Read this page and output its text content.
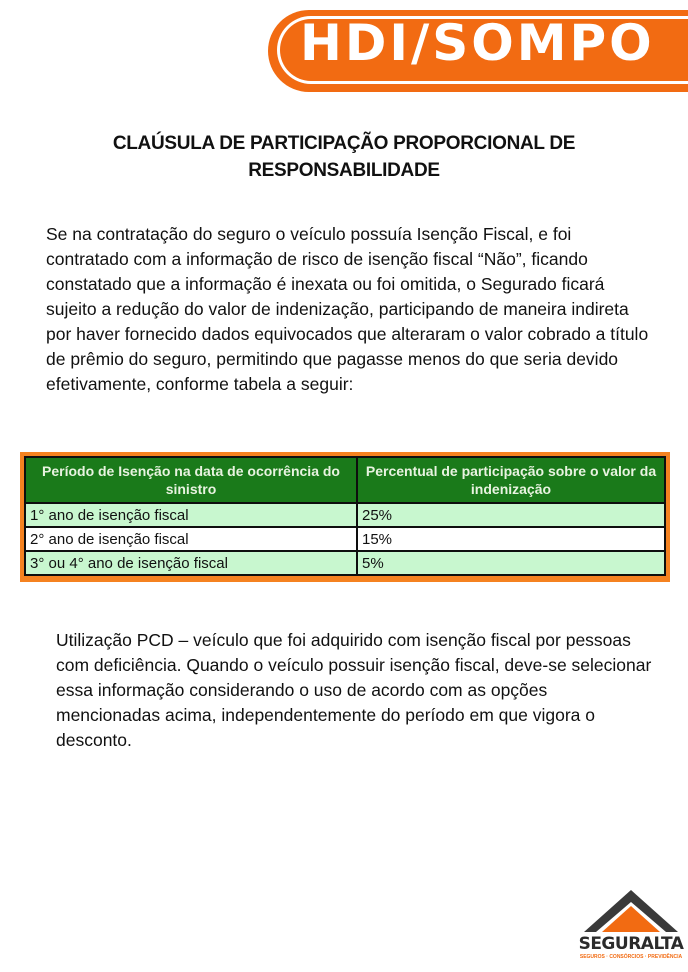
HDI/SOMPO
CLAÚSULA DE PARTICIPAÇÃO PROPORCIONAL DE
RESPONSABILIDADE
Se na contratação do seguro o veículo possuía Isenção Fiscal, e foi contratado com a informação de risco de isenção fiscal “Não”, ficando constatado que a informação é inexata ou foi omitida, o Segurado ficará sujeito a redução do valor de indenização, participando de maneira indireta por haver fornecido dados equivocados que alteraram o valor cobrado a título de prêmio do seguro, permitindo que pagasse menos do que seria devido efetivamente, conforme tabela a seguir:
Período de Isenção na data de ocorrência do sinistro	Percentual de participação sobre o valor da indenização
1° ano de isenção fiscal	25%
2° ano de isenção fiscal	15%
3° ou 4° ano de isenção fiscal	5%
Utilização PCD – veículo que foi adquirido com isenção fiscal por pessoas com deficiência. Quando o veículo possuir isenção fiscal, deve-se selecionar essa informação considerando o uso de acordo com as opções mencionadas acima, independentemente do período em que vigora o desconto.
SEGURALTA
SEGUROS · CONSÓRCIOS · PREVIDÊNCIA
